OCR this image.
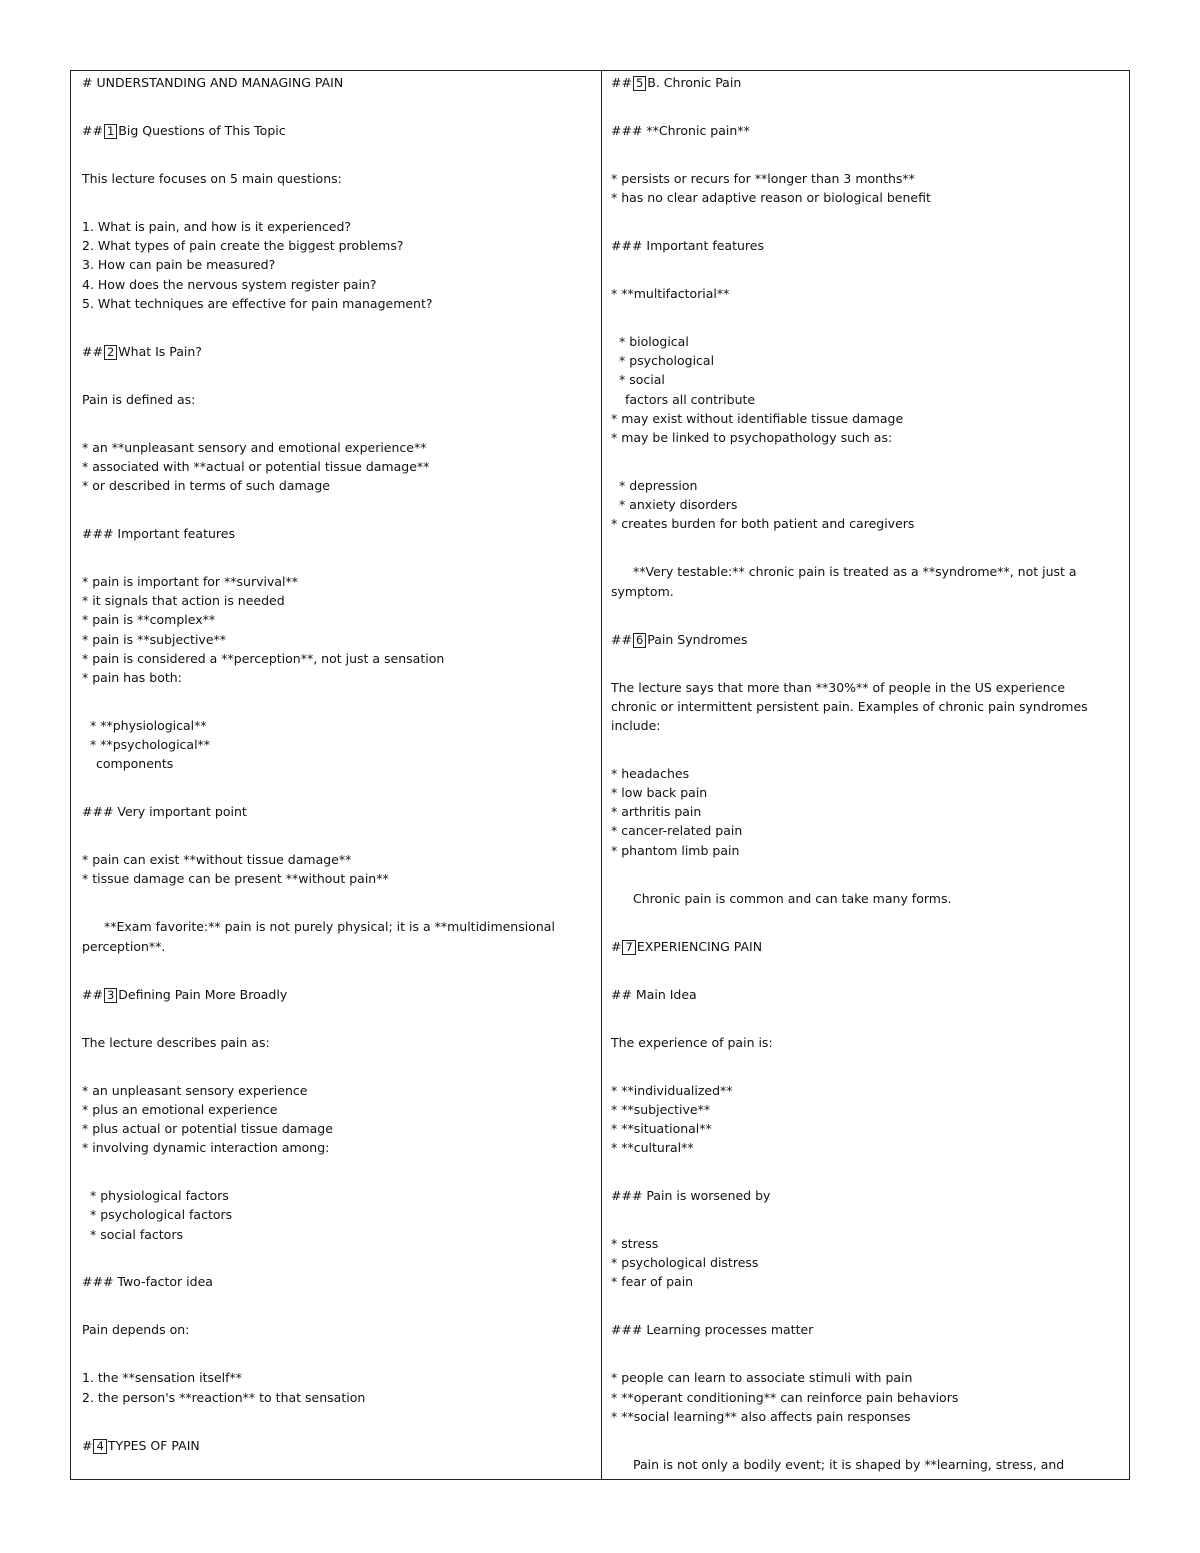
# UNDERSTANDING AND MANAGING PAIN
## 1 Big Questions of This Topic
This lecture focuses on 5 main questions:
1. What is pain, and how is it experienced?
2. What types of pain create the biggest problems?
3. How can pain be measured?
4. How does the nervous system register pain?
5. What techniques are effective for pain management?
## 2 What Is Pain?
Pain is defined as:
* an **unpleasant sensory and emotional experience**
* associated with **actual or potential tissue damage**
* or described in terms of such damage
### Important features
* pain is important for **survival**
* it signals that action is needed
* pain is **complex**
* pain is **subjective**
* pain is considered a **perception**, not just a sensation
* pain has both:
* **physiological**
* **psychological**
components
### Very important point
* pain can exist **without tissue damage**
* tissue damage can be present **without pain**
**Exam favorite:** pain is not purely physical; it is a **multidimensional
perception**.
## 3 Defining Pain More Broadly
The lecture describes pain as:
* an unpleasant sensory experience
* plus an emotional experience
* plus actual or potential tissue damage
* involving dynamic interaction among:
* physiological factors
* psychological factors
* social factors
### Two-factor idea
Pain depends on:
1. the **sensation itself**
2. the person's **reaction** to that sensation
# 4 TYPES OF PAIN
## 5 B. Chronic Pain
### **Chronic pain**
* persists or recurs for **longer than 3 months**
* has no clear adaptive reason or biological benefit
### Important features
* **multifactorial**
* biological
* psychological
* social
factors all contribute
* may exist without identifiable tissue damage
* may be linked to psychopathology such as:
* depression
* anxiety disorders
* creates burden for both patient and caregivers
**Very testable:** chronic pain is treated as a **syndrome**, not just a
symptom.
## 6 Pain Syndromes
The lecture says that more than **30%** of people in the US experience
chronic or intermittent persistent pain. Examples of chronic pain syndromes
include:
* headaches
* low back pain
* arthritis pain
* cancer-related pain
* phantom limb pain
Chronic pain is common and can take many forms.
# 7 EXPERIENCING PAIN
## Main Idea
The experience of pain is:
* **individualized**
* **subjective**
* **situational**
* **cultural**
### Pain is worsened by
* stress
* psychological distress
* fear of pain
### Learning processes matter
* people can learn to associate stimuli with pain
* **operant conditioning** can reinforce pain behaviors
* **social learning** also affects pain responses
Pain is not only a bodily event; it is shaped by **learning, stress, and
